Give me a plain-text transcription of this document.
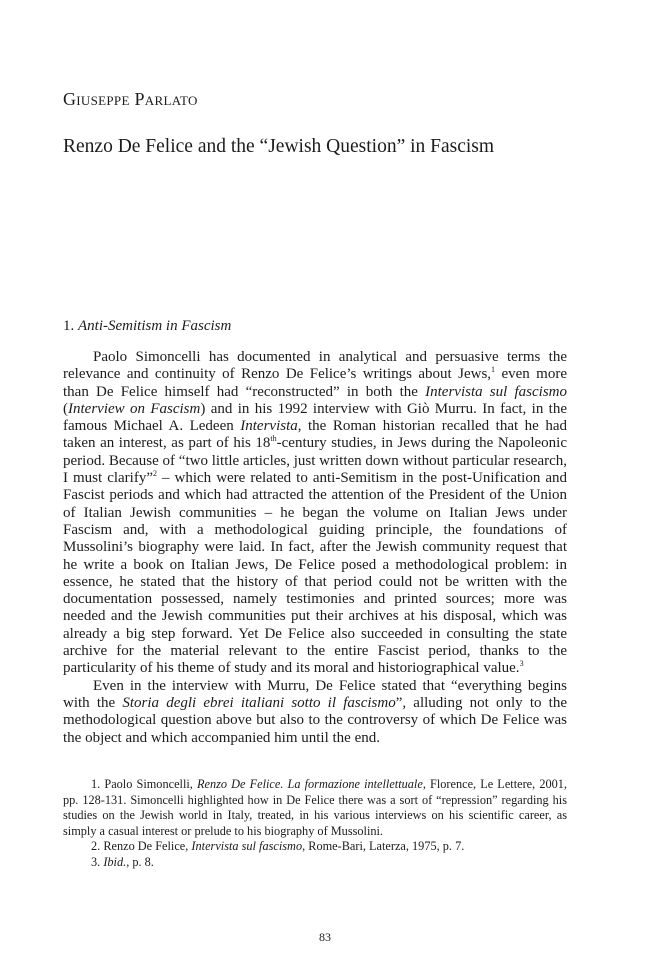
Giuseppe Parlato
Renzo De Felice and the “Jewish Question” in Fascism
1. Anti-Semitism in Fascism

Paolo Simoncelli has documented in analytical and persuasive terms the relevance and continuity of Renzo De Felice’s writings about Jews,$^1$ even more than De Felice himself had “reconstructed” in both the Intervista sul fascismo (Interview on Fascism) and in his 1992 interview with Giò Murru. In fact, in the famous Michael A. Ledeen Intervista, the Roman historian recalled that he had taken an interest, as part of his 18th-century studies, in Jews during the Napoleonic period. Because of “two little articles, just written down without particular research, I must clarify”$^2$ – which were related to anti-Semitism in the post-Unification and Fascist periods and which had attracted the attention of the President of the Union of Italian Jewish communities – he began the volume on Italian Jews under Fascism and, with a methodological guiding principle, the foundations of Mussolini’s biography were laid. In fact, after the Jewish community request that he write a book on Italian Jews, De Felice posed a methodological problem: in essence, he stated that the history of that period could not be written with the documentation possessed, namely testimonies and printed sources; more was needed and the Jewish communities put their archives at his disposal, which was already a big step forward. Yet De Felice also succeeded in consulting the state archive for the material relevant to the entire Fascist period, thanks to the particularity of his theme of study and its moral and historiographical value.$^3$

Even in the interview with Murru, De Felice stated that “everything begins with the Storia degli ebrei italiani sotto il fascismo”, alluding not only to the methodological question above but also to the controversy of which De Felice was the object and which accompanied him until the end.

1. Paolo Simoncelli, Renzo De Felice. La formazione intellettuale, Florence, Le Lettere, 2001, pp. 128-131. Simoncelli highlighted how in De Felice there was a sort of “repression” regarding his studies on the Jewish world in Italy, treated, in his various interviews on his scientific career, as simply a casual interest or prelude to his biography of Mussolini.

2. Renzo De Felice, Intervista sul fascismo, Rome-Bari, Laterza, 1975, p. 7.

3. Ibid., p. 8.

83
